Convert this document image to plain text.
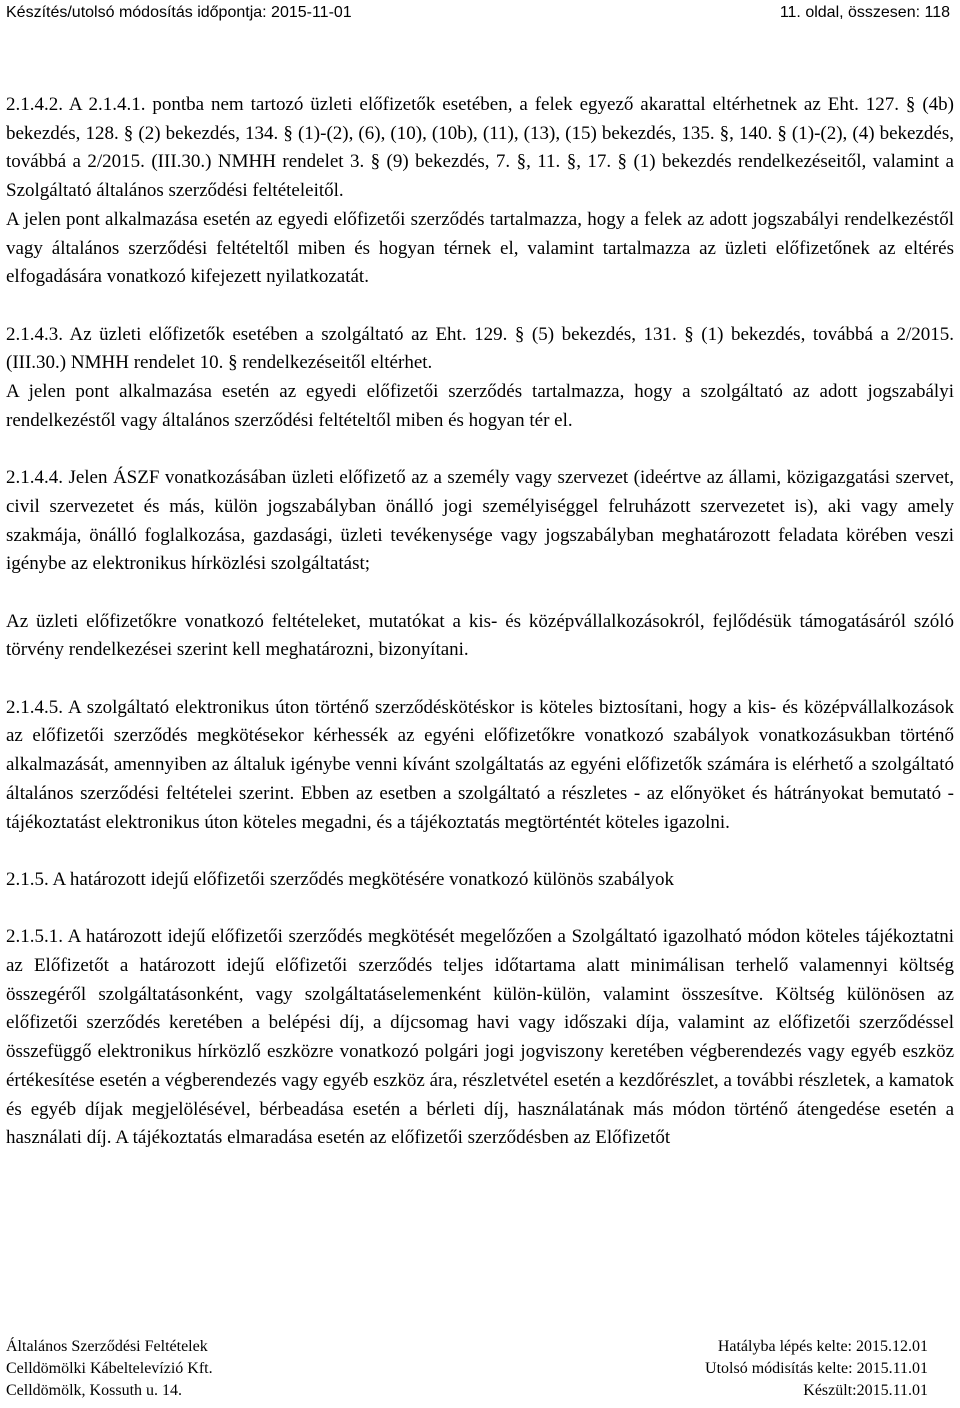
Készítés/utolsó módosítás időpontja: 2015-11-01	11. oldal, összesen: 118

2.1.4.2. A 2.1.4.1. pontba nem tartozó üzleti előfizetők esetében, a felek egyező akarattal eltérhetnek az Eht. 127. § (4b) bekezdés, 128. § (2) bekezdés, 134. § (1)-(2), (6), (10), (10b), (11), (13), (15) bekezdés, 135. §, 140. § (1)-(2), (4) bekezdés, továbbá a 2/2015. (III.30.) NMHH rendelet 3. § (9) bekezdés, 7. §, 11. §, 17. § (1) bekezdés rendelkezéseitől, valamint a Szolgáltató általános szerződési feltételeitől.

A jelen pont alkalmazása esetén az egyedi előfizetői szerződés tartalmazza, hogy a felek az adott jogszabályi rendelkezéstől vagy általános szerződési feltételtől miben és hogyan térnek el, valamint tartalmazza az üzleti előfizetőnek az eltérés elfogadására vonatkozó kifejezett nyilatkozatát.

2.1.4.3. Az üzleti előfizetők esetében a szolgáltató az Eht. 129. § (5) bekezdés, 131. § (1) bekezdés, továbbá a 2/2015. (III.30.) NMHH rendelet 10. § rendelkezéseitől eltérhet.

A jelen pont alkalmazása esetén az egyedi előfizetői szerződés tartalmazza, hogy a szolgáltató az adott jogszabályi rendelkezéstől vagy általános szerződési feltételtől miben és hogyan tér el.

2.1.4.4. Jelen ÁSZF vonatkozásában üzleti előfizető az a személy vagy szervezet (ideértve az állami, közigazgatási szervet, civil szervezetet és más, külön jogszabályban önálló jogi személyiséggel felruházott szervezetet is), aki vagy amely szakmája, önálló foglalkozása, gazdasági, üzleti tevékenysége vagy jogszabályban meghatározott feladata körében veszi igénybe az elektronikus hírközlési szolgáltatást;

Az üzleti előfizetőkre vonatkozó feltételeket, mutatókat a kis- és középvállalkozásokról, fejlődésük támogatásáról szóló törvény rendelkezései szerint kell meghatározni, bizonyítani.

2.1.4.5. A szolgáltató elektronikus úton történő szerződéskötéskor is köteles biztosítani, hogy a kis- és középvállalkozások az előfizetői szerződés megkötésekor kérhessék az egyéni előfizetőkre vonatkozó szabályok vonatkozásukban történő alkalmazását, amennyiben az általuk igénybe venni kívánt szolgáltatás az egyéni előfizetők számára is elérhető a szolgáltató általános szerződési feltételei szerint. Ebben az esetben a szolgáltató a részletes - az előnyöket és hátrányokat bemutató - tájékoztatást elektronikus úton köteles megadni, és a tájékoztatás megtörténtét köteles igazolni.

2.1.5. A határozott idejű előfizetői szerződés megkötésére vonatkozó különös szabályok

2.1.5.1. A határozott idejű előfizetői szerződés megkötését megelőzően a Szolgáltató igazolható módon köteles tájékoztatni az Előfizetőt a határozott idejű előfizetői szerződés teljes időtartama alatt minimálisan terhelő valamennyi költség összegéről szolgáltatásonként, vagy szolgáltatáselemenként külön-külön, valamint összesítve. Költség különösen az előfizetői szerződés keretében a belépési díj, a díjcsomag havi vagy időszaki díja, valamint az előfizetői szerződéssel összefüggő elektronikus hírközlő eszközre vonatkozó polgári jogi jogviszony keretében végberendezés vagy egyéb eszköz értékesítése esetén a végberendezés vagy egyéb eszköz ára, részletvétel esetén a kezdőrészlet, a további részletek, a kamatok és egyéb díjak megjelölésével, bérbeadása esetén a bérleti díj, használatának más módon történő átengedése esetén a használati díj. A tájékoztatás elmaradása esetén az előfizetői szerződésben az Előfizetőt

Általános Szerződési Feltételek	Hatályba lépés kelte: 2015.12.01
Celldömölki Kábeltelevízió Kft.	Utolsó módisítás kelte: 2015.11.01
Celldömölk, Kossuth u. 14.	Készült:2015.11.01
